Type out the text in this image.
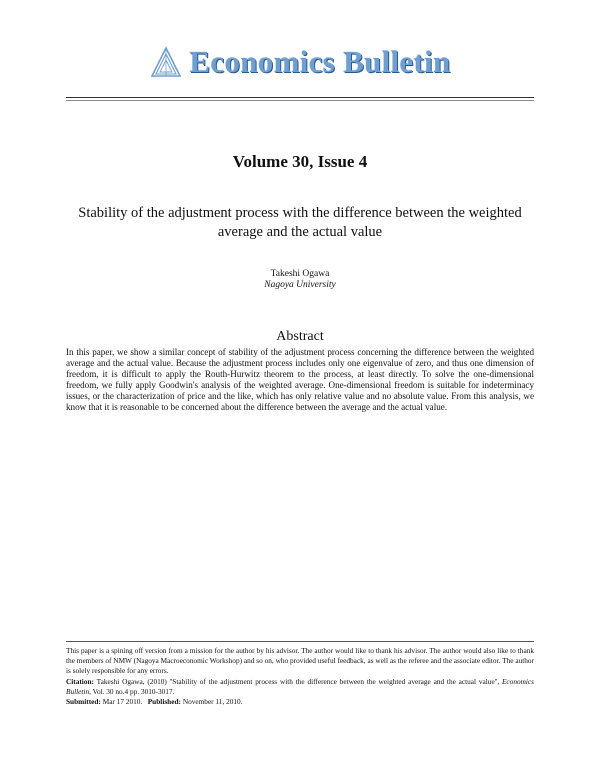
Economics Bulletin
Volume 30, Issue 4
Stability of the adjustment process with the difference between the weighted average and the actual value
Takeshi Ogawa
Nagoya University
Abstract
In this paper, we show a similar concept of stability of the adjustment process concerning the difference between the weighted average and the actual value. Because the adjustment process includes only one eigenvalue of zero, and thus one dimension of freedom, it is difficult to apply the Routh-Hurwitz theorem to the process, at least directly. To solve the one-dimensional freedom, we fully apply Goodwin's analysis of the weighted average. One-dimensional freedom is suitable for indeterminacy issues, or the characterization of price and the like, which has only relative value and no absolute value. From this analysis, we know that it is reasonable to be concerned about the difference between the average and the actual value.

This paper is a spining off version from a mission for the author by his advisor. The author would like to thank his advisor. The author would also like to thank the members of NMW (Nagoya Macroeconomic Workshop) and so on, who provided useful feedback, as well as the referee and the associate editor. The author is solely responsible for any errors.

Citation: Takeshi Ogawa, (2010) ''Stability of the adjustment process with the difference between the weighted average and the actual value'', Economics Bulletin, Vol. 30 no.4 pp. 3010-3017.

Submitted: Mar 17 2010. Published: November 11, 2010.
